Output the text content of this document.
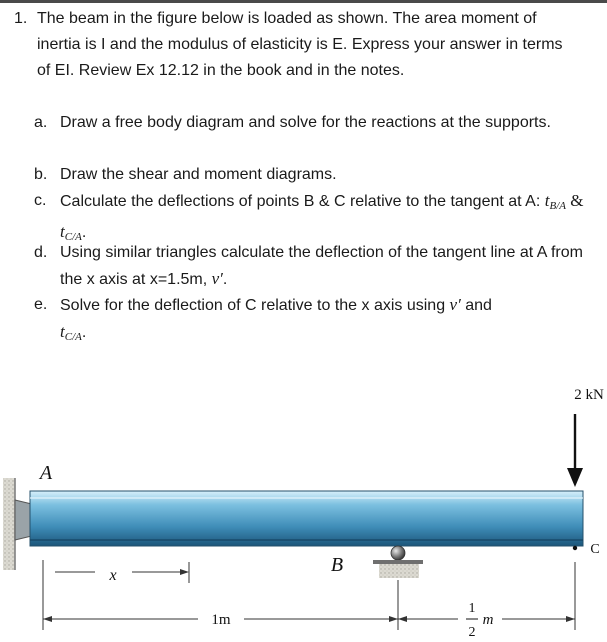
1. The beam in the figure below is loaded as shown. The area moment of inertia is I and the modulus of elasticity is E. Express your answer in terms of EI. Review Ex 12.12 in the book and in the notes.
a. Draw a free body diagram and solve for the reactions at the supports.
b. Draw the shear and moment diagrams.
c. Calculate the deflections of points B & C relative to the tangent at A: $t_{B/A}$ & $t_{C/A}$.
d. Using similar triangles calculate the deflection of the tangent line at A from the x axis at x=1.5m, v′.
e. Solve for the deflection of C relative to the x axis using v′ and
$t_{C/A}$.
2 kN
A
B
C
x
1m
1
2
m
